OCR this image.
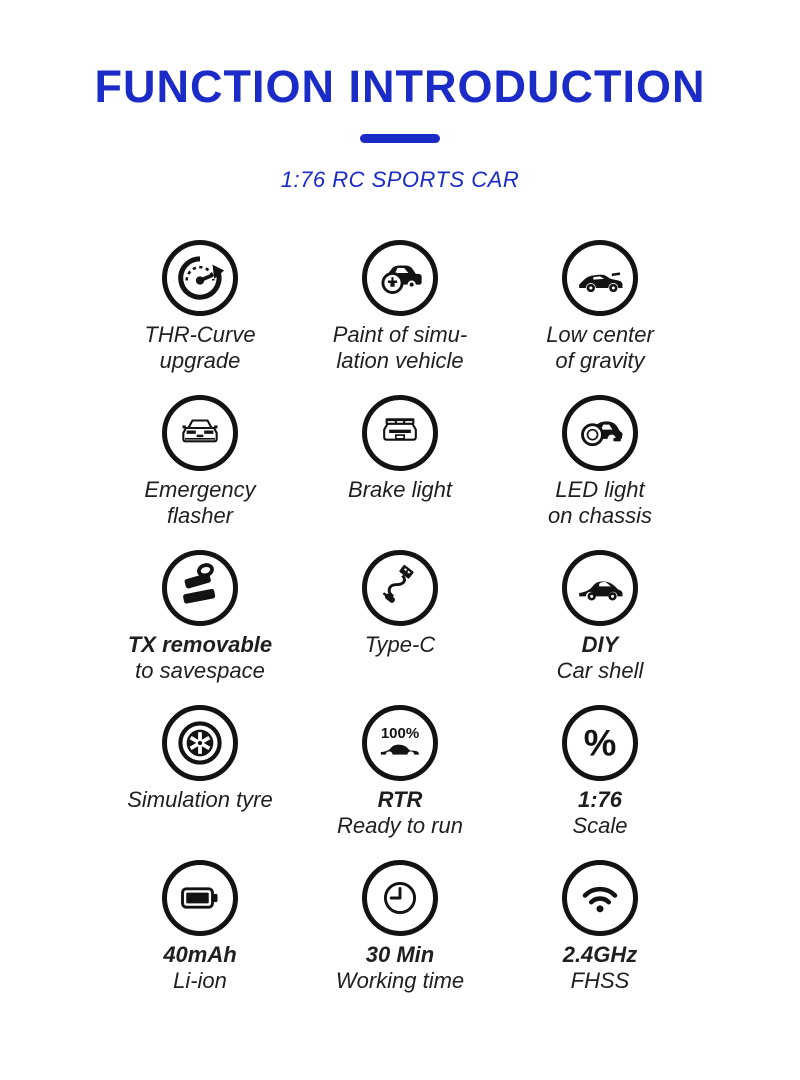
FUNCTION INTRODUCTION
1:76 RC SPORTS CAR
THR-Curve
upgrade
Paint of simu-
lation vehicle
Low center
of gravity
Emergency
flasher
Brake light	LED light
on chassis
TX removable
to savespace
Type-C	DIY
Car shell
Simulation tyre
100%
RTR
Ready to run
%
1:76
Scale
40mAh
Li-ion
30 Min
Working time
2.4GHz
FHSS
